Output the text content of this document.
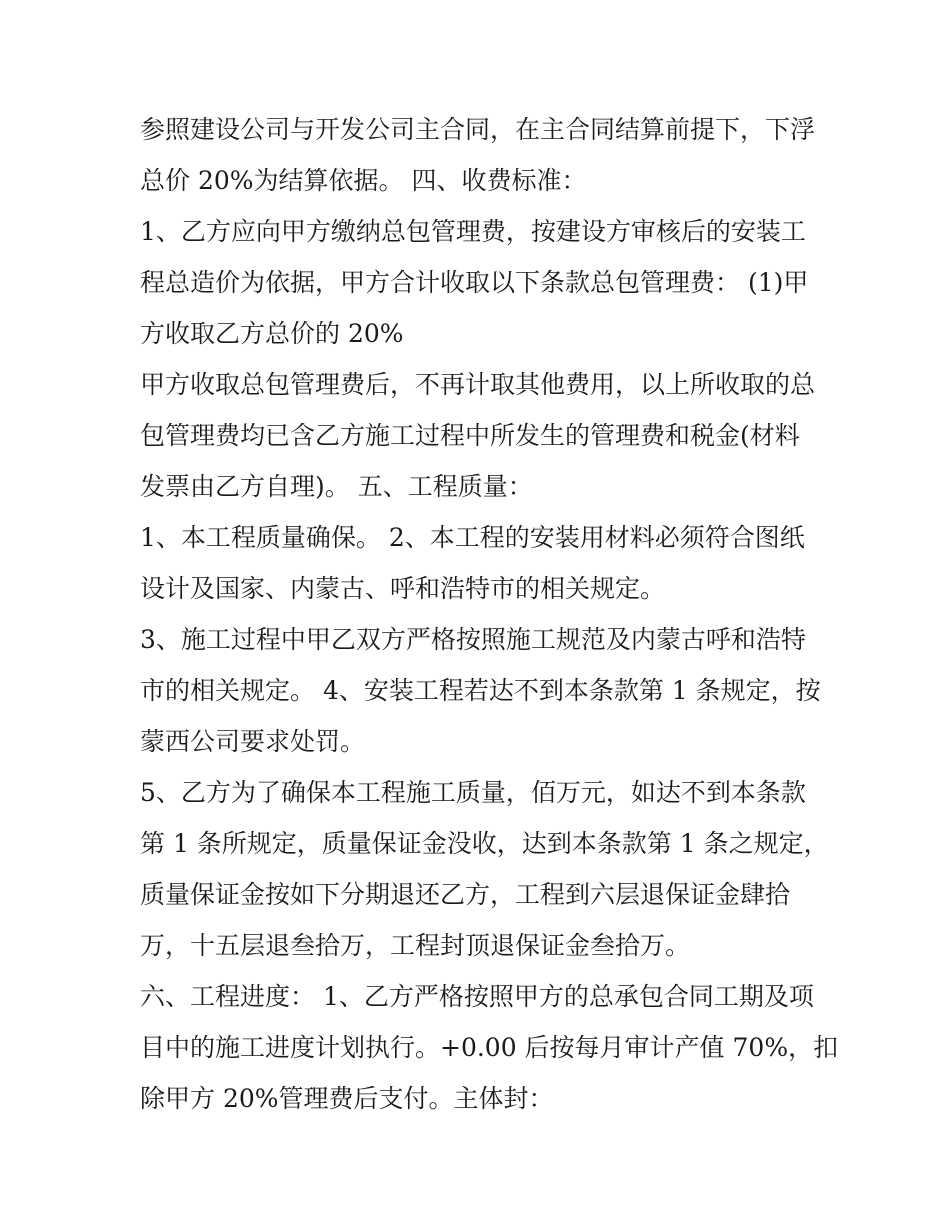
参照建设公司与开发公司主合同，在主合同结算前提下，下浮
总价 20%为结算依据。 四、收费标准：
1、乙方应向甲方缴纳总包管理费，按建设方审核后的安装工
程总造价为依据，甲方合计收取以下条款总包管理费： (1)甲
方收取乙方总价的 20%
甲方收取总包管理费后，不再计取其他费用，以上所收取的总
包管理费均已含乙方施工过程中所发生的管理费和税金(材料
发票由乙方自理)。 五、工程质量：
1、本工程质量确保。 2、本工程的安装用材料必须符合图纸
设计及国家、内蒙古、呼和浩特市的相关规定。
3、施工过程中甲乙双方严格按照施工规范及内蒙古呼和浩特
市的相关规定。 4、安装工程若达不到本条款第 1 条规定，按
蒙西公司要求处罚。
5、乙方为了确保本工程施工质量，佰万元，如达不到本条款
第 1 条所规定，质量保证金没收，达到本条款第 1 条之规定，
质量保证金按如下分期退还乙方，工程到六层退保证金肆拾
万，十五层退叁拾万，工程封顶退保证金叁拾万。
六、工程进度： 1、乙方严格按照甲方的总承包合同工期及项
目中的施工进度计划执行。+0.00 后按每月审计产值 70%，扣
除甲方 20%管理费后支付。主体封：
